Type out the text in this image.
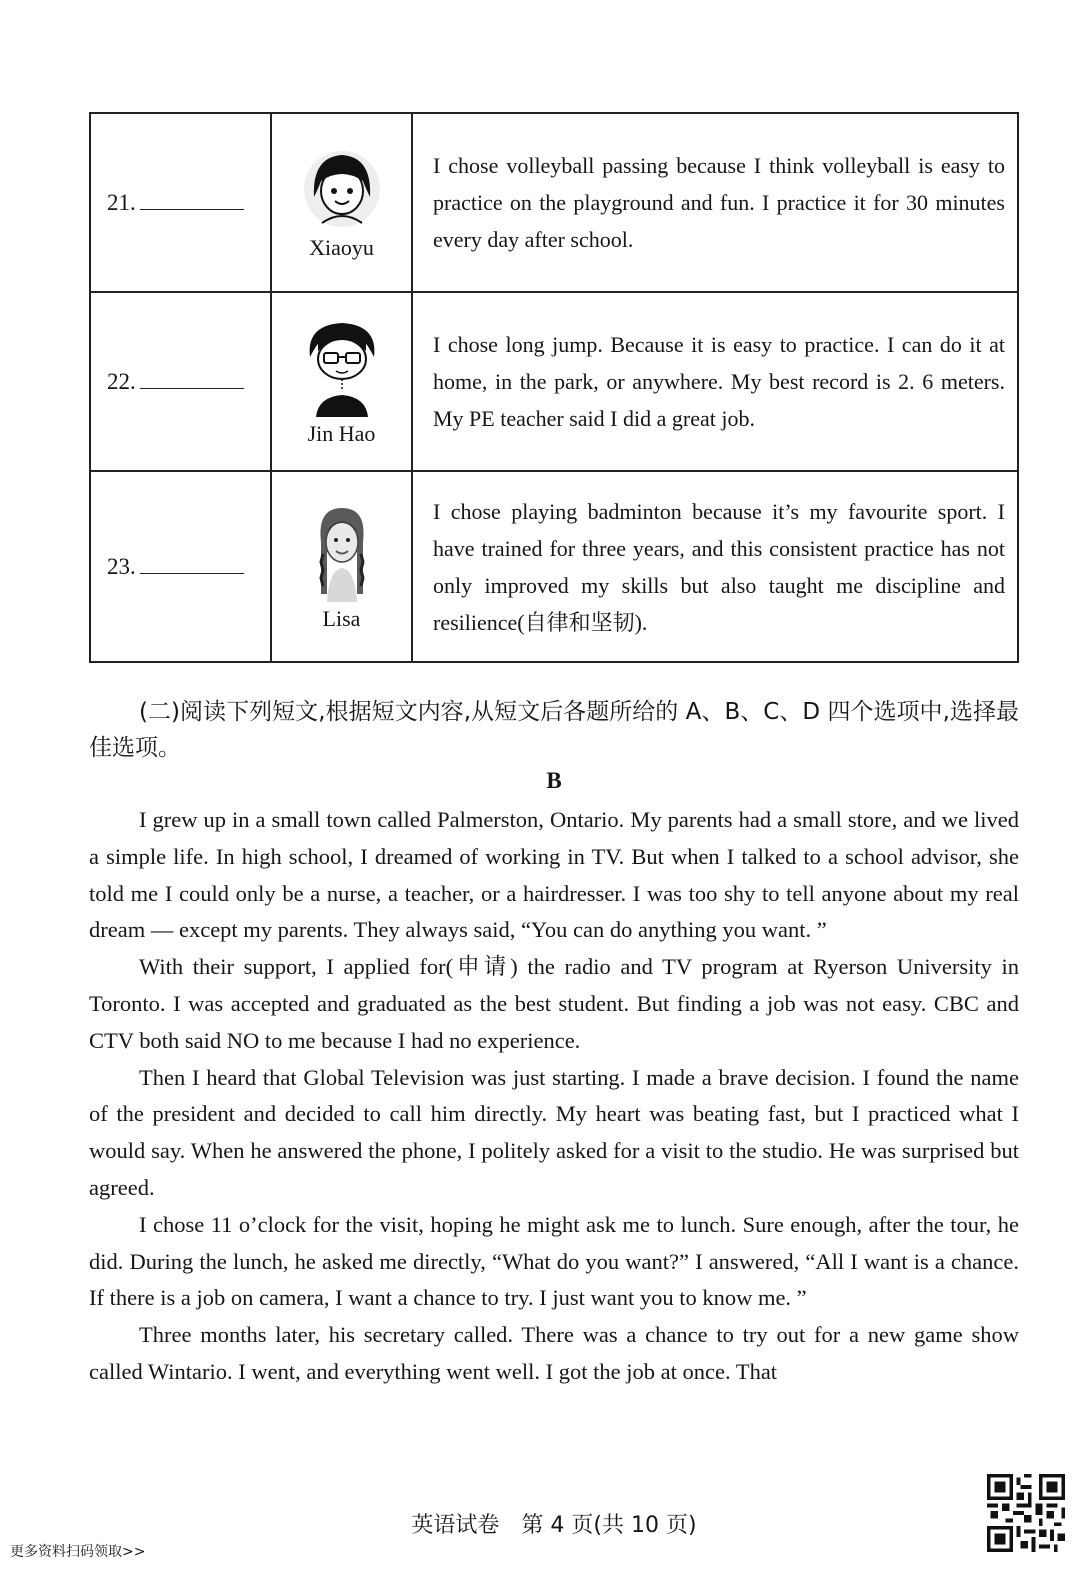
21.	Xiaoyu	I chose volleyball passing because I think volleyball is easy to practice on the playground and fun. I practice it for 30 minutes every day after school.
22.	Jin Hao	I chose long jump. Because it is easy to practice. I can do it at home, in the park, or anywhere. My best record is 2. 6 meters. My PE teacher said I did a great job.
23.	Lisa	I chose playing badminton because it’s my favourite sport. I have trained for three years, and this consistent practice has not only improved my skills but also taught me discipline and resilience(自律和坚韧).
(二)阅读下列短文,根据短文内容,从短文后各题所给的 A、B、C、D 四个选项中,选择最佳选项。
B

I grew up in a small town called Palmerston, Ontario. My parents had a small store, and we lived a simple life. In high school, I dreamed of working in TV. But when I talked to a school advisor, she told me I could only be a nurse, a teacher, or a hairdresser. I was too shy to tell anyone about my real dream — except my parents. They always said, “You can do anything you want. ”

With their support, I applied for(申请) the radio and TV program at Ryerson University in Toronto. I was accepted and graduated as the best student. But finding a job was not easy. CBC and CTV both said NO to me because I had no experience.

Then I heard that Global Television was just starting. I made a brave decision. I found the name of the president and decided to call him directly. My heart was beating fast, but I practiced what I would say. When he answered the phone, I politely asked for a visit to the studio. He was surprised but agreed.

I chose 11 o’clock for the visit, hoping he might ask me to lunch. Sure enough, after the tour, he did. During the lunch, he asked me directly, “What do you want?” I answered, “All I want is a chance. If there is a job on camera, I want a chance to try. I just want you to know me. ”

Three months later, his secretary called. There was a chance to try out for a new game show called Wintario. I went, and everything went well. I got the job at once. That

英语试卷　第 4 页(共 10 页)
更多资料扫码领取>>
